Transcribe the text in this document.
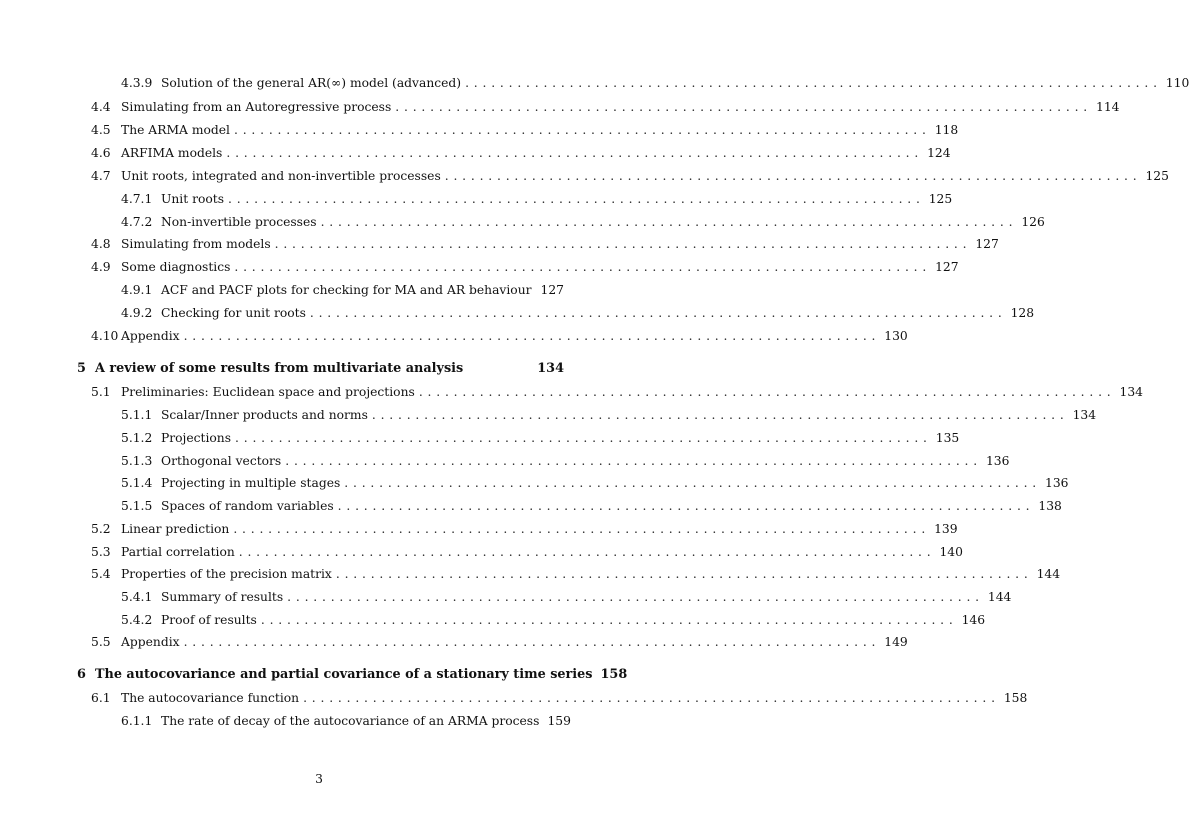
4.3.9 Solution of the general AR(∞) model (advanced) ................................................................................ 110
4.4 Simulating from an Autoregressive process ................................................................................ 114
4.5 The ARMA model ................................................................................ 118
4.6 ARFIMA models ................................................................................ 124
4.7 Unit roots, integrated and non-invertible processes ................................................................................ 125
4.7.1 Unit roots ................................................................................ 125
4.7.2 Non-invertible processes ................................................................................ 126
4.8 Simulating from models ................................................................................ 127
4.9 Some diagnostics ................................................................................ 127
4.9.1 ACF and PACF plots for checking for MA and AR behaviour 127
4.9.2 Checking for unit roots ................................................................................ 128
4.10 Appendix ................................................................................ 130
5 A review of some results from multivariate analysis	134
5.1 Preliminaries: Euclidean space and projections ................................................................................ 134
5.1.1 Scalar/Inner products and norms ................................................................................ 134
5.1.2 Projections ................................................................................ 135
5.1.3 Orthogonal vectors ................................................................................ 136
5.1.4 Projecting in multiple stages ................................................................................ 136
5.1.5 Spaces of random variables ................................................................................ 138
5.2 Linear prediction ................................................................................ 139
5.3 Partial correlation ................................................................................ 140
5.4 Properties of the precision matrix ................................................................................ 144
5.4.1 Summary of results ................................................................................ 144
5.4.2 Proof of results ................................................................................ 146
5.5 Appendix ................................................................................ 149
6 The autocovariance and partial covariance of a stationary time series 158
6.1 The autocovariance function ................................................................................ 158
6.1.1 The rate of decay of the autocovariance of an ARMA process 159
3
